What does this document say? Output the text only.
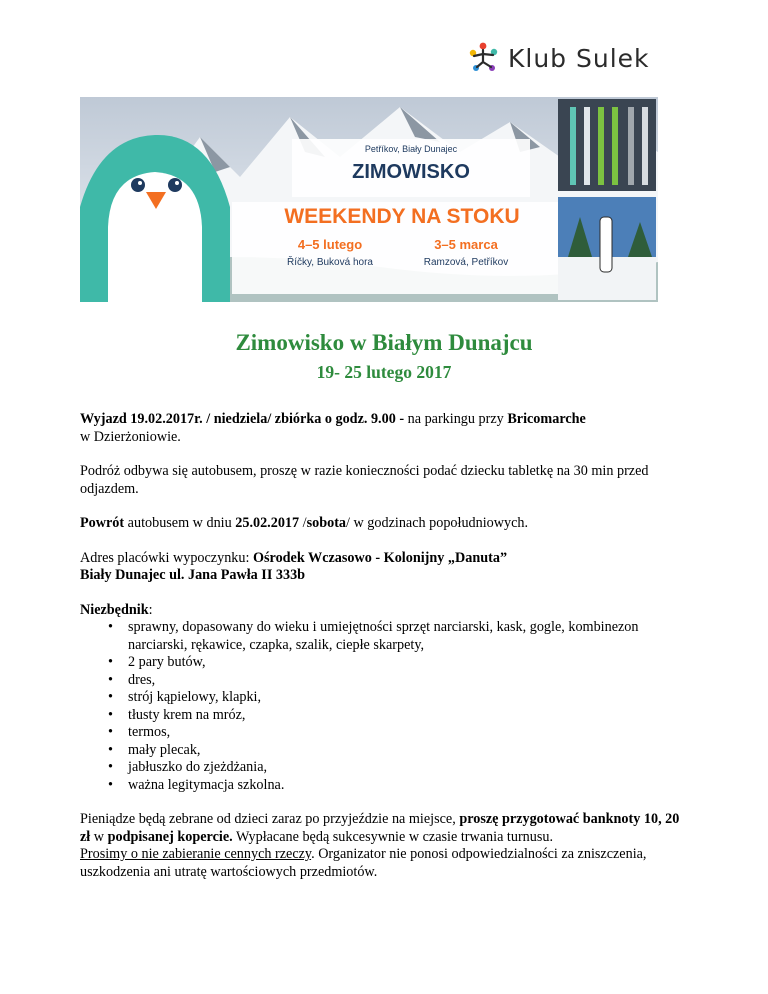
Klub Sulek
Petříkov, Biały Dunajec
ZIMOWISKO
WEEKENDY NA STOKU
4–5 lutego
Říčky, Buková hora
3–5 marca
Ramzová, Petříkov
Zimowisko w Białym Dunajcu
19- 25 lutego 2017

Wyjazd 19.02.2017r. / niedziela/ zbiórka o godz. 9.00 - na parkingu przy Bricomarche
w Dzierżoniowie.

Podróż odbywa się autobusem, proszę w razie konieczności podać dziecku tabletkę na 30 min przed odjazdem.

Powrót autobusem w dniu 25.02.2017 /sobota/ w godzinach popołudniowych.

Adres placówki wypoczynku: Ośrodek Wczasowo - Kolonijny „Danuta”
Biały Dunajec ul. Jana Pawła II 333b

Niezbędnik:

• sprawny, dopasowany do wieku i umiejętności sprzęt narciarski, kask, gogle, kombinezon narciarski, rękawice, czapka, szalik, ciepłe skarpety,
• 2 pary butów,
• dres,
• strój kąpielowy, klapki,
• tłusty krem na mróz,
• termos,
• mały plecak,
• jabłuszko do zjeżdżania,
• ważna legitymacja szkolna.

Pieniądze będą zebrane od dzieci zaraz po przyjeździe na miejsce, proszę przygotować banknoty 10, 20 zł w podpisanej kopercie. Wypłacane będą sukcesywnie w czasie trwania turnusu.

Prosimy o nie zabieranie cennych rzeczy. Organizator nie ponosi odpowiedzialności za zniszczenia, uszkodzenia ani utratę wartościowych przedmiotów.
